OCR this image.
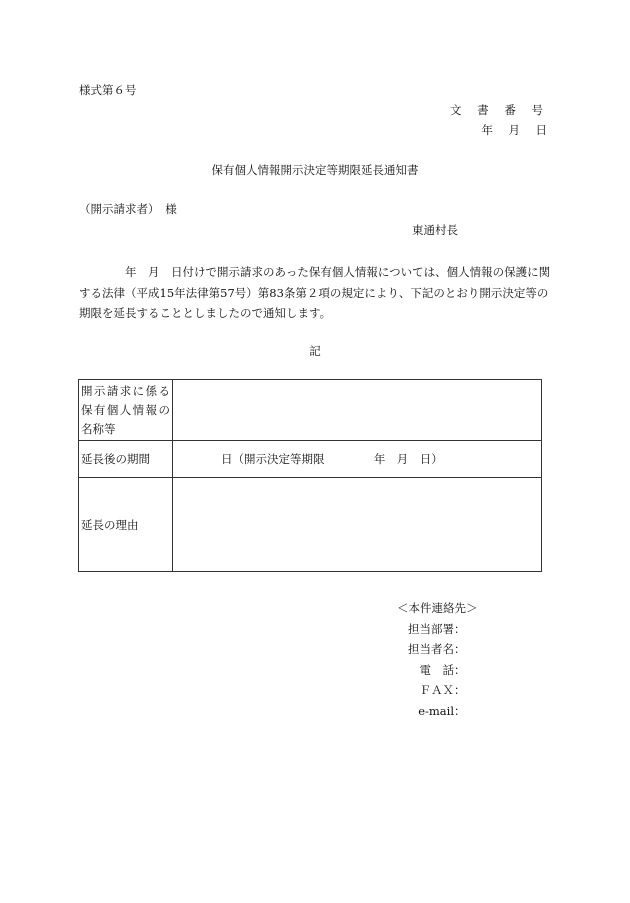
様式第６号
文 書 番 号
年　月　日
保有個人情報開示決定等期限延長通知書
（開示請求者）　様
東通村長
年　月　日付けで開示請求のあった保有個人情報については、個人情報の保護に関する法律（平成15年法律第57号）第83条第２項の規定により、下記のとおり開示決定等の期限を延長することとしましたので通知します。
記
開示請求に係る保有個人情報の名称等	

延長後の期間	日（開示決定等期限 年　月　日）
延長の理由	
＜本件連絡先＞
担当部署 ：
担当者名 ：
電　話 ：
ＦＡＸ ：
e-mail ：
